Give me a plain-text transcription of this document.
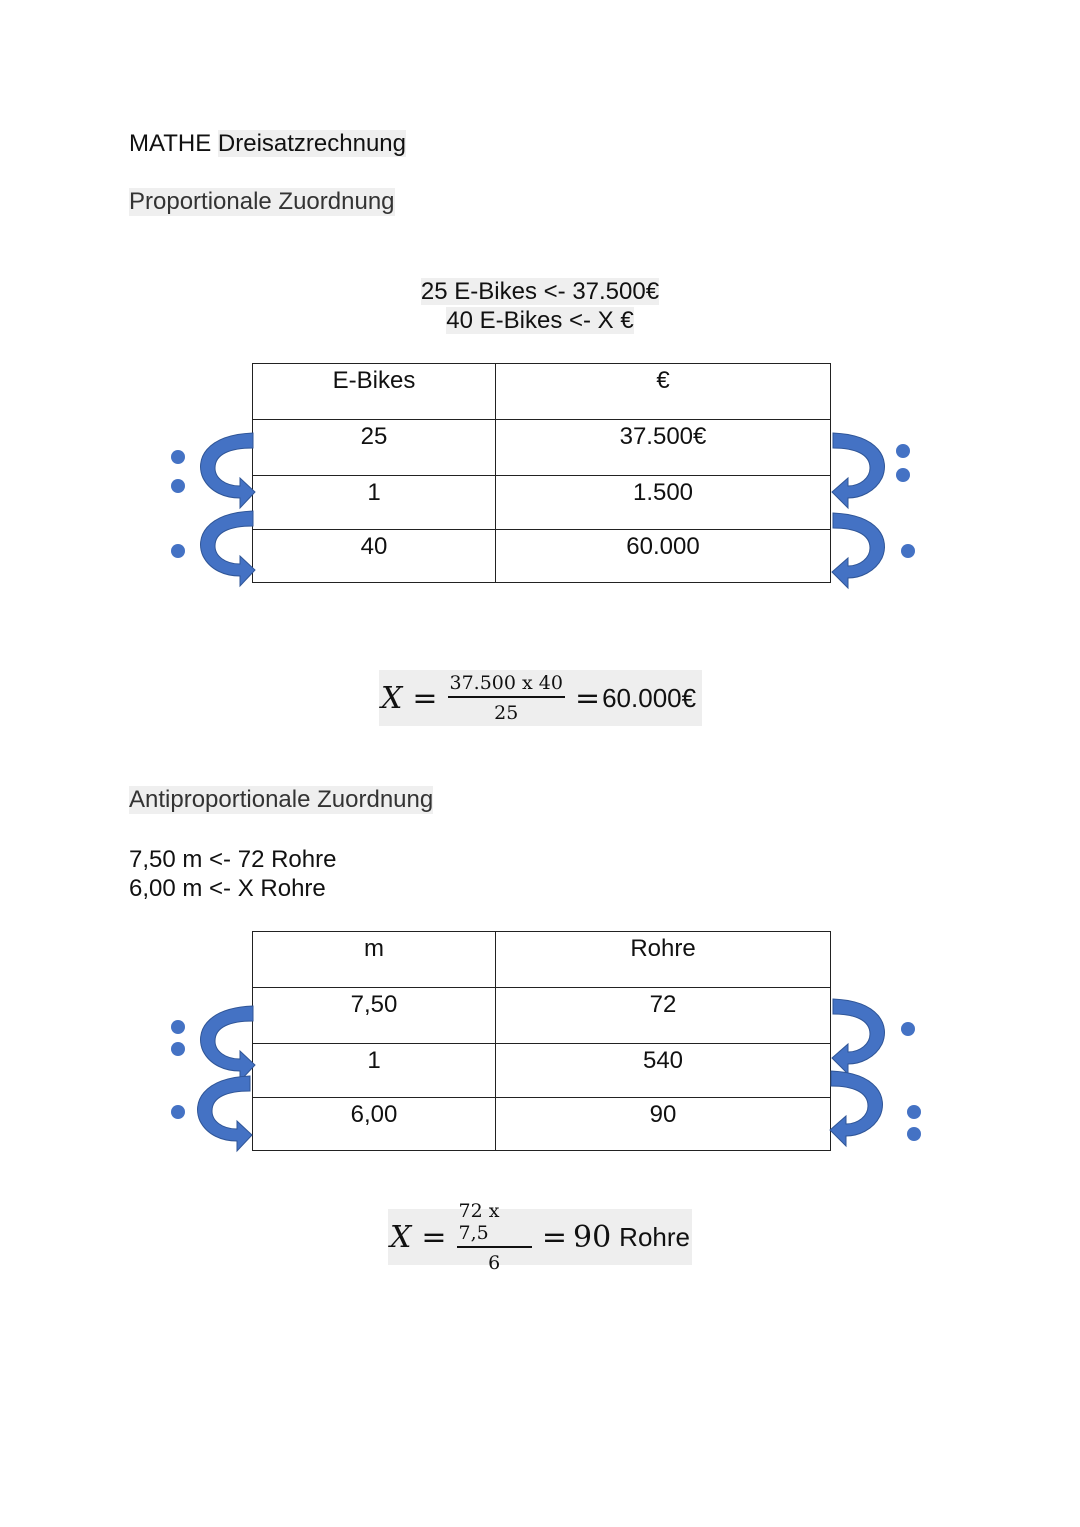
MATHE Dreisatzrechnung
Proportionale Zuordnung
25 E-Bikes <- 37.500€
40 E-Bikes <- X €
E-Bikes	€
25	37.500€
1	1.500
40	60.000
$X = \frac{37.500 x 40}{25}$ = 60.000€
Antiproportionale Zuordnung
7,50 m <- 72 Rohre
6,00 m <- X Rohre
m	Rohre
7,50	72
1	540
6,00	90
$X = \frac{72 x 7,5}{6} = 90$ Rohre
